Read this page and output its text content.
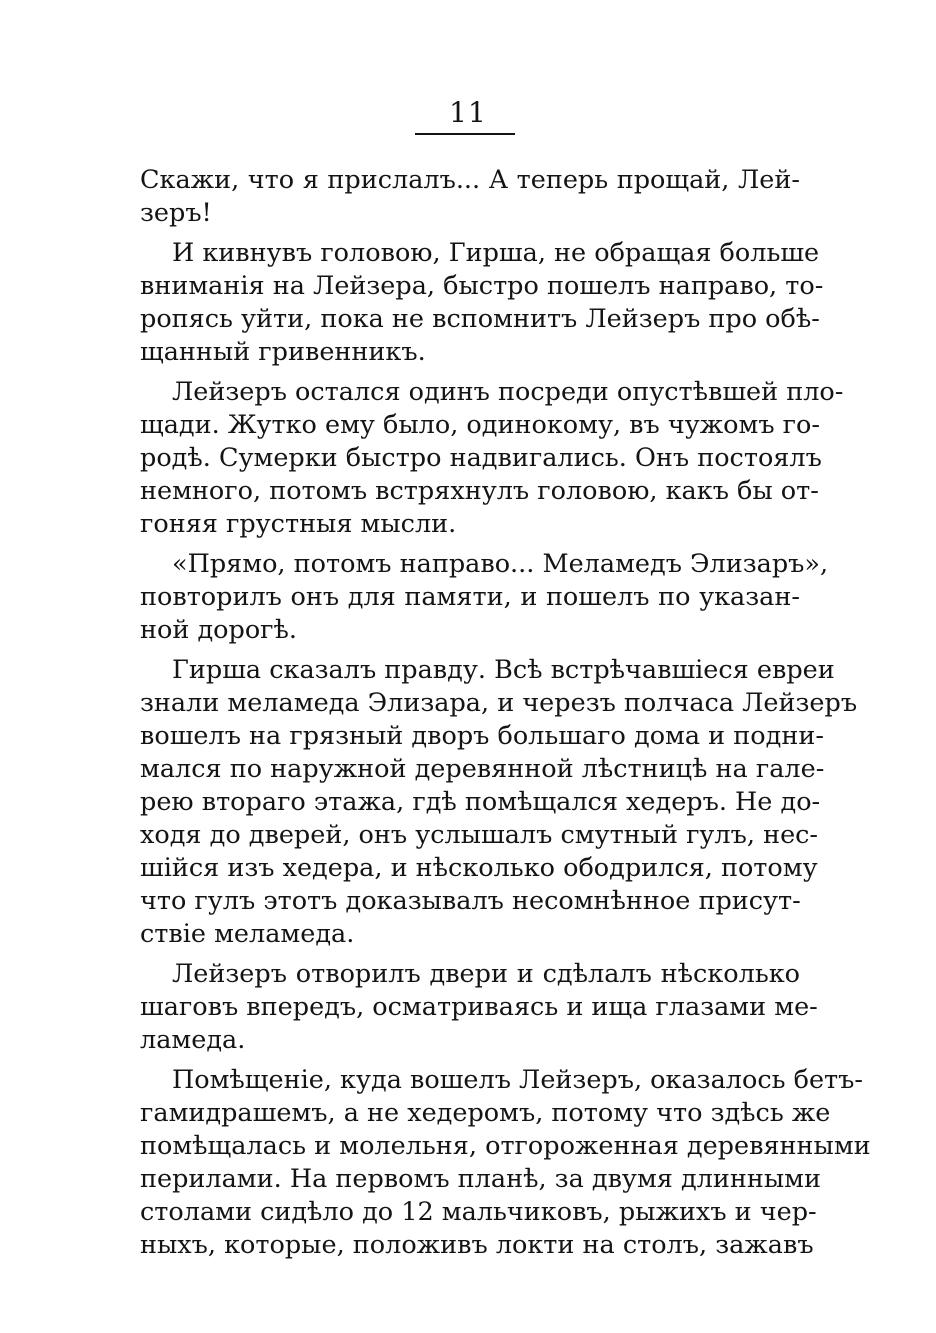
11
Скажи, что я прислалъ... А теперь прощай, Лей-
зеръ!
И кивнувъ головою, Гирша, не обращая больше
вниманія на Лейзера, быстро пошелъ направо, то-
ропясь уйти, пока не вспомнитъ Лейзеръ про обѣ-
щанный гривенникъ.
Лейзеръ остался одинъ посреди опустѣвшей пло-
щади. Жутко ему было, одинокому, въ чужомъ го-
родѣ. Сумерки быстро надвигались. Онъ постоялъ
немного, потомъ встряхнулъ головою, какъ бы от-
гоняя грустныя мысли.
«Прямо, потомъ направо... Меламедъ Элизаръ»,
повторилъ онъ для памяти, и пошелъ по указан-
ной дорогѣ.
Гирша сказалъ правду. Всѣ встрѣчавшіеся евреи
знали меламеда Элизара, и черезъ полчаса Лейзеръ
вошелъ на грязный дворъ большаго дома и подни-
мался по наружной деревянной лѣстницѣ на гале-
рею втораго этажа, гдѣ помѣщался хедеръ. Не до-
ходя до дверей, онъ услышалъ смутный гулъ, нес-
шійся изъ хедера, и нѣсколько ободрился, потому
что гулъ этотъ доказывалъ несомнѣнное присут-
ствіе меламеда.
Лейзеръ отворилъ двери и сдѣлалъ нѣсколько
шаговъ впередъ, осматриваясь и ища глазами ме-
ламеда.
Помѣщеніе, куда вошелъ Лейзеръ, оказалось бетъ-
гамидрашемъ, а не хедеромъ, потому что здѣсь же
помѣщалась и молельня, отгороженная деревянными
перилами. На первомъ планѣ, за двумя длинными
столами сидѣло до 12 мальчиковъ, рыжихъ и чер-
ныхъ, которые, положивъ локти на столъ, зажавъ
